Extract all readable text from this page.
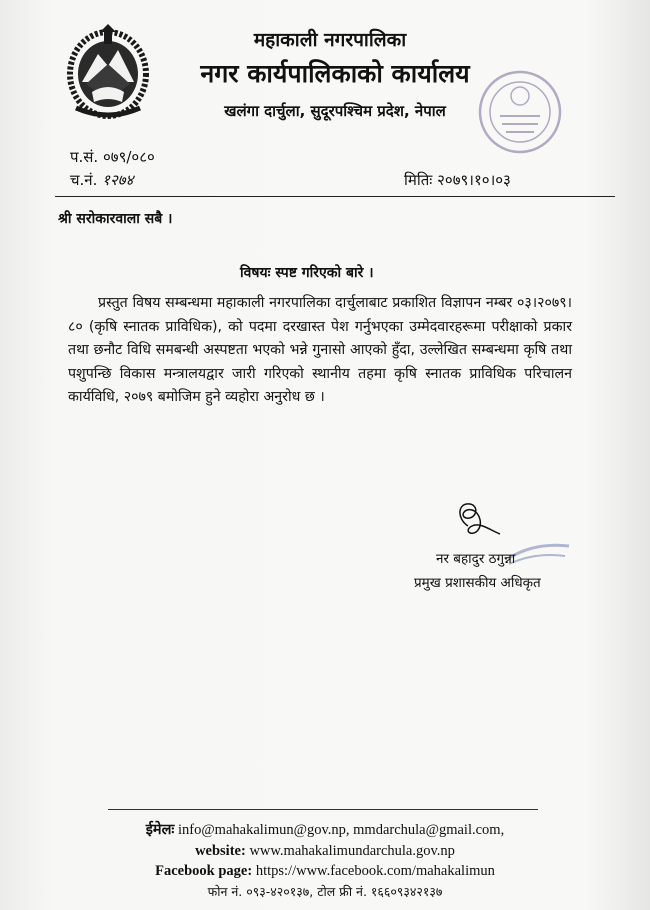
महाकाली नगरपालिका
नगर कार्यपालिकाको कार्यालय
खलंगा दार्चुला, सुदूरपश्चिम प्रदेश, नेपाल
प.सं. ०७९/०८०
च.नं. १२७४	मितिः २०७९।१०।०३
श्री सरोकारवाला सबै ।
विषयः स्पष्ट गरिएको बारे ।
प्रस्तुत विषय सम्बन्धमा महाकाली नगरपालिका दार्चुलाबाट प्रकाशित विज्ञापन नम्बर ०३।२०७९।८० (कृषि स्नातक प्राविधिक), को पदमा दरखास्त पेश गर्नुभएका उम्मेदवारहरूमा परीक्षाको प्रकार तथा छनौट विधि समबन्धी अस्पष्टता भएको भन्ने गुनासो आएको हुँदा, उल्लेखित सम्बन्धमा कृषि तथा पशुपन्छि विकास मन्त्रालयद्वार जारी गरिएको स्थानीय तहमा कृषि स्नातक प्राविधिक परिचालन कार्यविधि, २०७९ बमोजिम हुने व्यहोरा अनुरोध छ ।
नर बहादुर ठगुन्ना
प्रमुख प्रशासकीय अधिकृत
ईमेलः info@mahakalimun@gov.np, mmdarchula@gmail.com,
website: www.mahakalimundarchula.gov.np
Facebook page: https://www.facebook.com/mahakalimun
फोन नं. ०९३-४२०१३७, टोल फ्री नं. १६६०९३४२१३७
